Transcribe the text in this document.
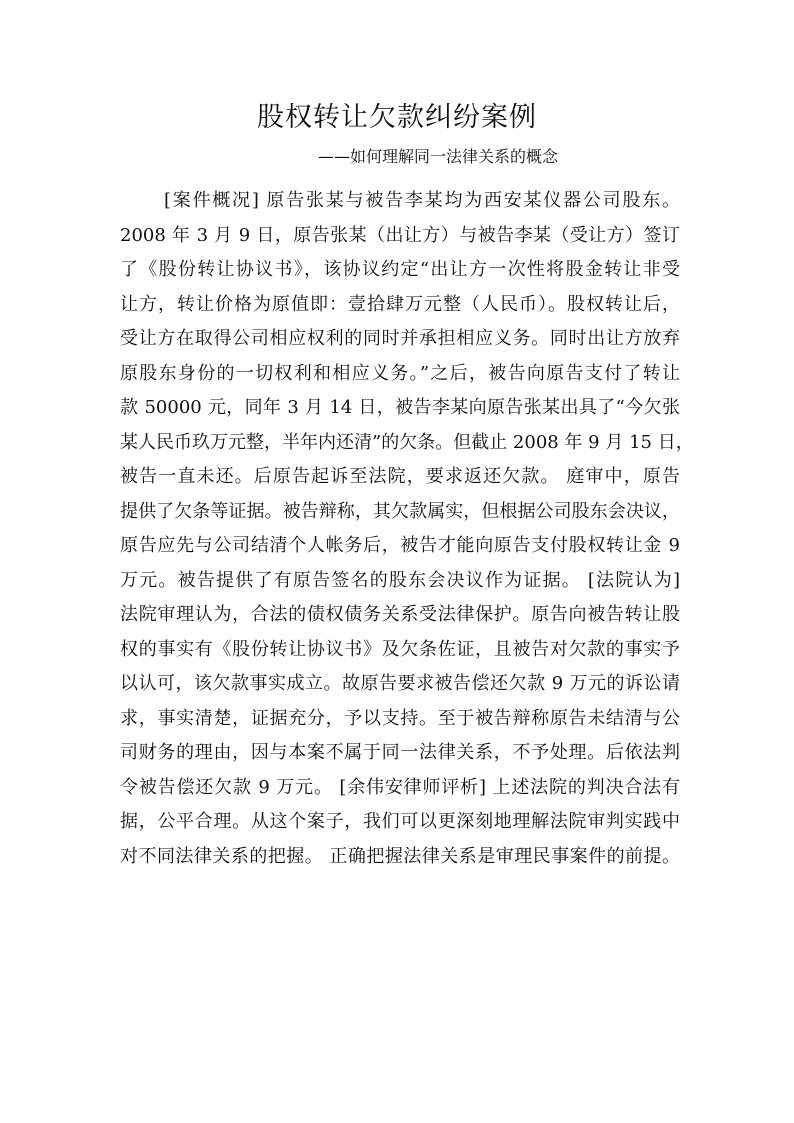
股权转让欠款纠纷案例
——如何理解同一法律关系的概念
[案件概况] 原告张某与被告李某均为西安某仪器公司股东。
2008 年 3 月 9 日，原告张某（出让方）与被告李某（受让方）签订
了《股份转让协议书》，该协议约定“出让方一次性将股金转让非受
让方，转让价格为原值即：壹拾肆万元整（人民币）。股权转让后，
受让方在取得公司相应权利的同时并承担相应义务。同时出让方放弃
原股东身份的一切权利和相应义务。”之后，被告向原告支付了转让
款 50000 元，同年 3 月 14 日，被告李某向原告张某出具了“今欠张
某人民币玖万元整，半年内还清”的欠条。但截止 2008 年 9 月 15 日，
被告一直未还。后原告起诉至法院，要求返还欠款。 庭审中，原告
提供了欠条等证据。被告辩称，其欠款属实，但根据公司股东会决议，
原告应先与公司结清个人帐务后，被告才能向原告支付股权转让金 9
万元。被告提供了有原告签名的股东会决议作为证据。 [法院认为]
法院审理认为，合法的债权债务关系受法律保护。原告向被告转让股
权的事实有《股份转让协议书》及欠条佐证，且被告对欠款的事实予
以认可，该欠款事实成立。故原告要求被告偿还欠款 9 万元的诉讼请
求，事实清楚，证据充分，予以支持。至于被告辩称原告未结清与公
司财务的理由，因与本案不属于同一法律关系，不予处理。后依法判
令被告偿还欠款 9 万元。 [余伟安律师评析] 上述法院的判决合法有
据，公平合理。从这个案子，我们可以更深刻地理解法院审判实践中
对不同法律关系的把握。 正确把握法律关系是审理民事案件的前提。
